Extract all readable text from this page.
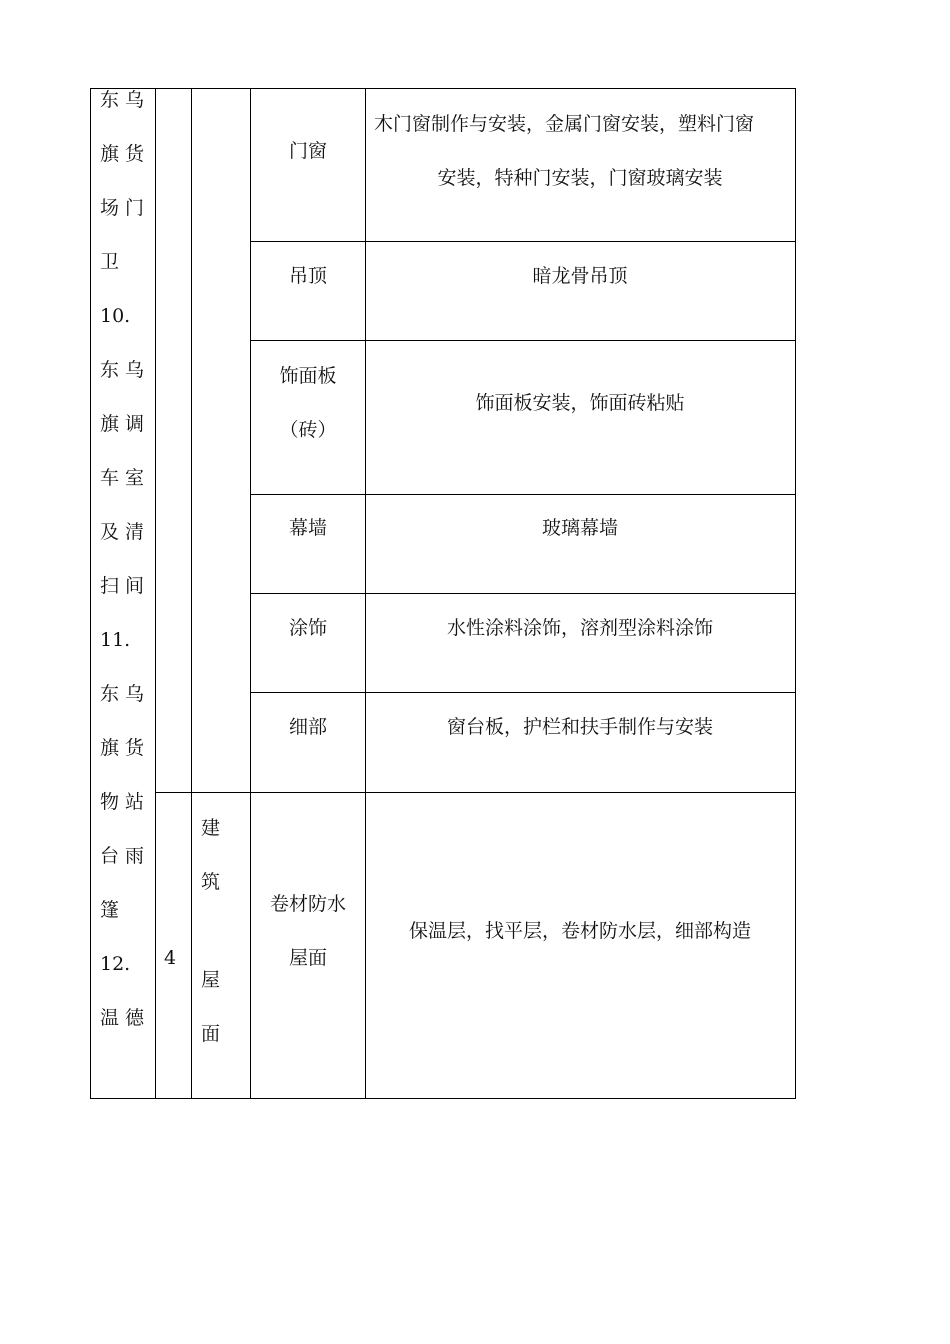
东 乌
旗 货
场 门
卫
10.
东 乌
旗 调
车 室
及 清
扫 间
11.
东 乌
旗 货
物 站
台 雨
篷
12.
温 德
4
建
筑
屋
面
门窗
吊顶
饰面板
（砖）
幕墙
涂饰
细部
卷材防水
屋面
木门窗制作与安装，金属门窗安装，塑料门窗
安装，特种门安装，门窗玻璃安装
暗龙骨吊顶
饰面板安装，饰面砖粘贴
玻璃幕墙
水性涂料涂饰，溶剂型涂料涂饰
窗台板，护栏和扶手制作与安装
保温层，找平层，卷材防水层，细部构造
